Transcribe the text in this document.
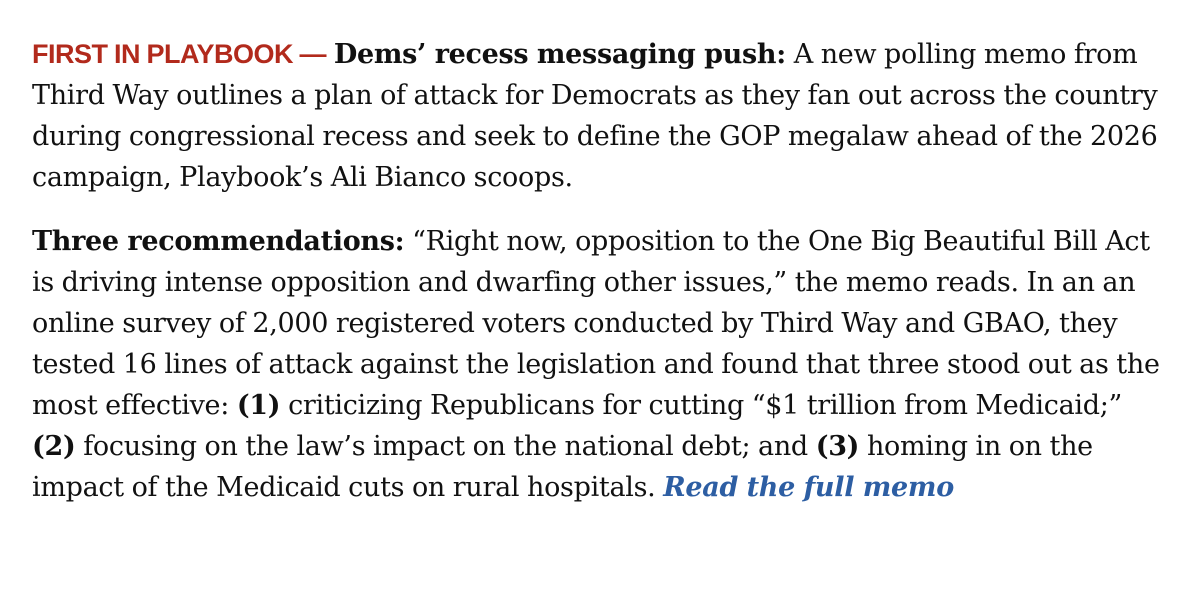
FIRST IN PLAYBOOK — Dems’ recess messaging push: A new polling memo from Third Way outlines a plan of attack for Democrats as they fan out across the country during congressional recess and seek to define the GOP megalaw ahead of the 2026 campaign, Playbook’s Ali Bianco scoops.

Three recommendations: “Right now, opposition to the One Big Beautiful Bill Act is driving intense opposition and dwarfing other issues,” the memo reads. In an an online survey of 2,000 registered voters conducted by Third Way and GBAO, they tested 16 lines of attack against the legislation and found that three stood out as the most effective: (1) criticizing Republicans for cutting “$1 trillion from Medicaid;” (2) focusing on the law’s impact on the national debt; and (3) homing in on the impact of the Medicaid cuts on rural hospitals. Read the full memo
